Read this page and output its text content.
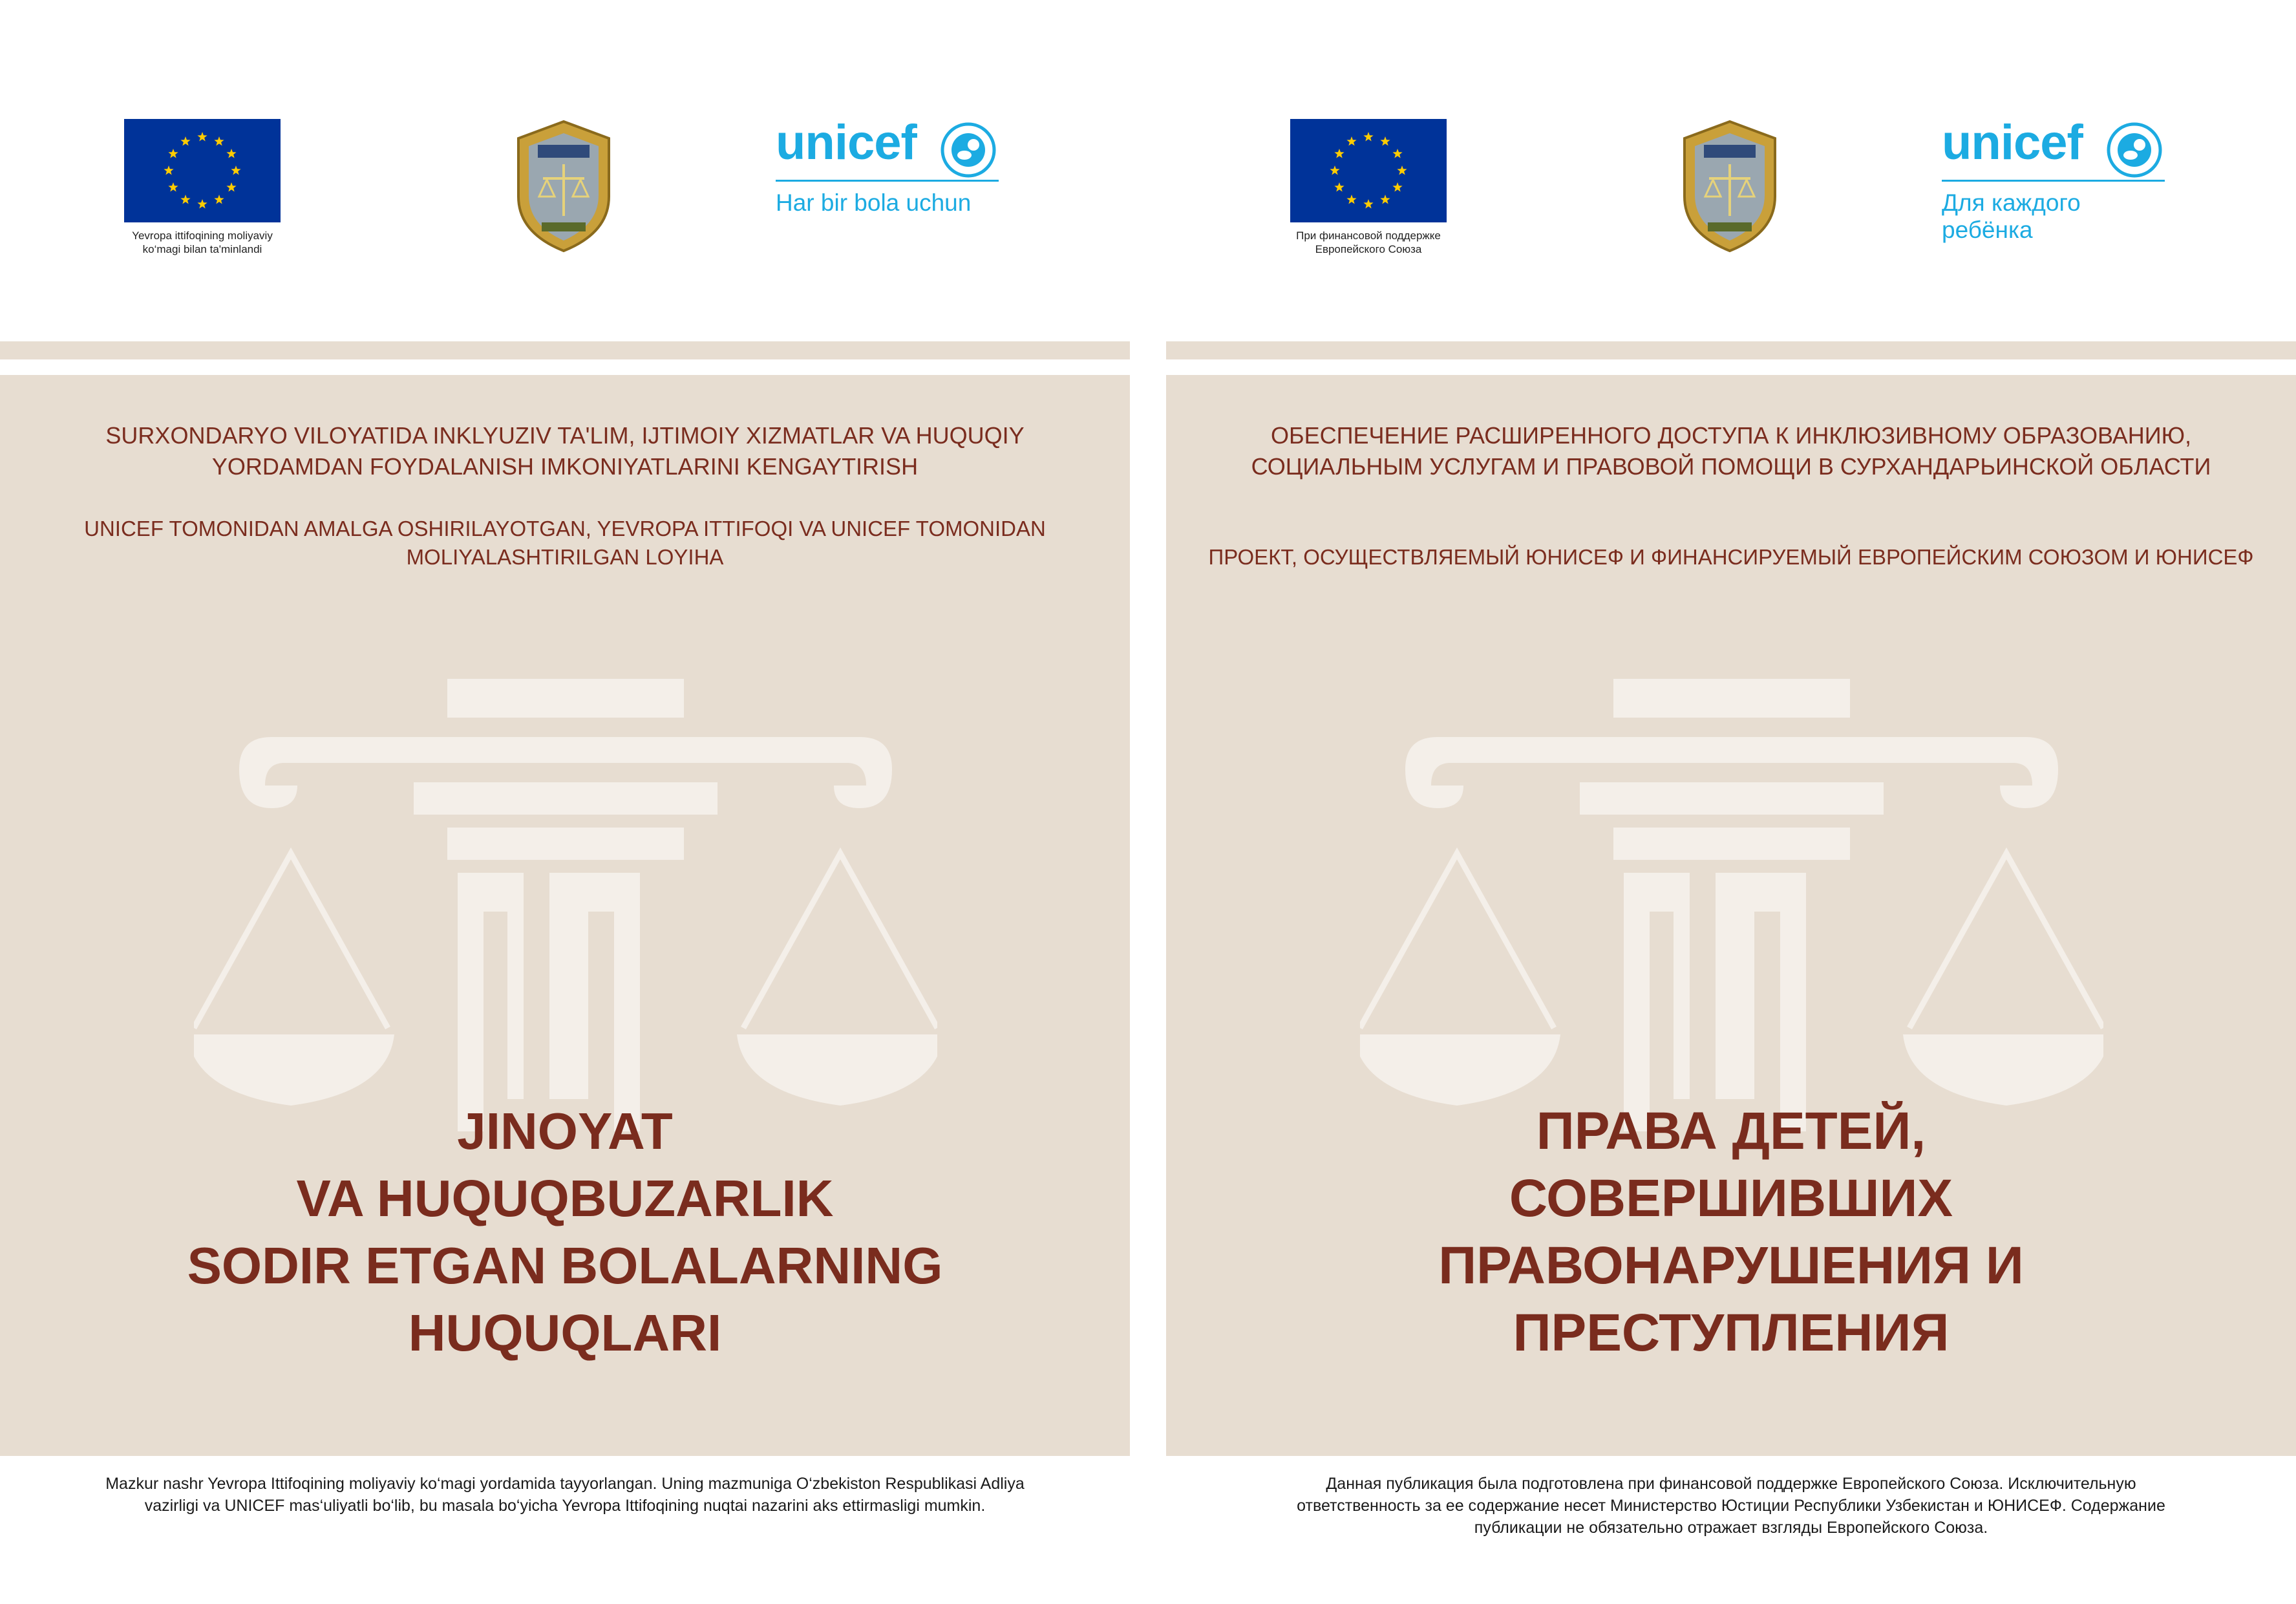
Yevropa ittifoqining moliyaviy ko‘magi bilan ta'minlandi
unicef
Har bir bola uchun
SURXONDARYO VILOYATIDA INKLYUZIV TA'LIM, IJTIMOIY XIZMATLAR VA HUQUQIY YORDAMDAN FOYDALANISH IMKONIYATLARINI KENGAYTIRISH
UNICEF TOMONIDAN AMALGA OSHIRILAYOTGAN, YEVROPA ITTIFOQI VA UNICEF TOMONIDAN MOLIYALASHTIRILGAN LOYIHA
JINOYAT
VA HUQUQBUZARLIK
SODIR ETGAN BOLALARNING
HUQUQLARI
Mazkur nashr Yevropa Ittifoqining moliyaviy ko‘magi yordamida tayyorlangan. Uning mazmuniga O‘zbekiston Respublikasi Adliya vazirligi va UNICEF mas‘uliyatli bo‘lib, bu masala bo‘yicha Yevropa Ittifoqining nuqtai nazarini aks ettirmasligi mumkin.
При финансовой поддержке Европейского Союза
unicef
Для каждого ребёнка
ОБЕСПЕЧЕНИЕ РАСШИРЕННОГО ДОСТУПА К ИНКЛЮЗИВНОМУ ОБРАЗОВАНИЮ, СОЦИАЛЬНЫМ УСЛУГАМ И ПРАВОВОЙ ПОМОЩИ В СУРХАНДАРЬИНСКОЙ ОБЛАСТИ
ПРОЕКТ, ОСУЩЕСТВЛЯЕМЫЙ ЮНИСЕФ И ФИНАНСИРУЕМЫЙ ЕВРОПЕЙСКИМ СОЮЗОМ И ЮНИСЕФ
ПРАВА ДЕТЕЙ,
СОВЕРШИВШИХ
ПРАВОНАРУШЕНИЯ И
ПРЕСТУПЛЕНИЯ
Данная публикация была подготовлена при финансовой поддержке Европейского Союза. Исключительную ответственность за ее содержание несет Министерство Юстиции Республики Узбекистан и ЮНИСЕФ. Содержание публикации не обязательно отражает взгляды Европейского Союза.
